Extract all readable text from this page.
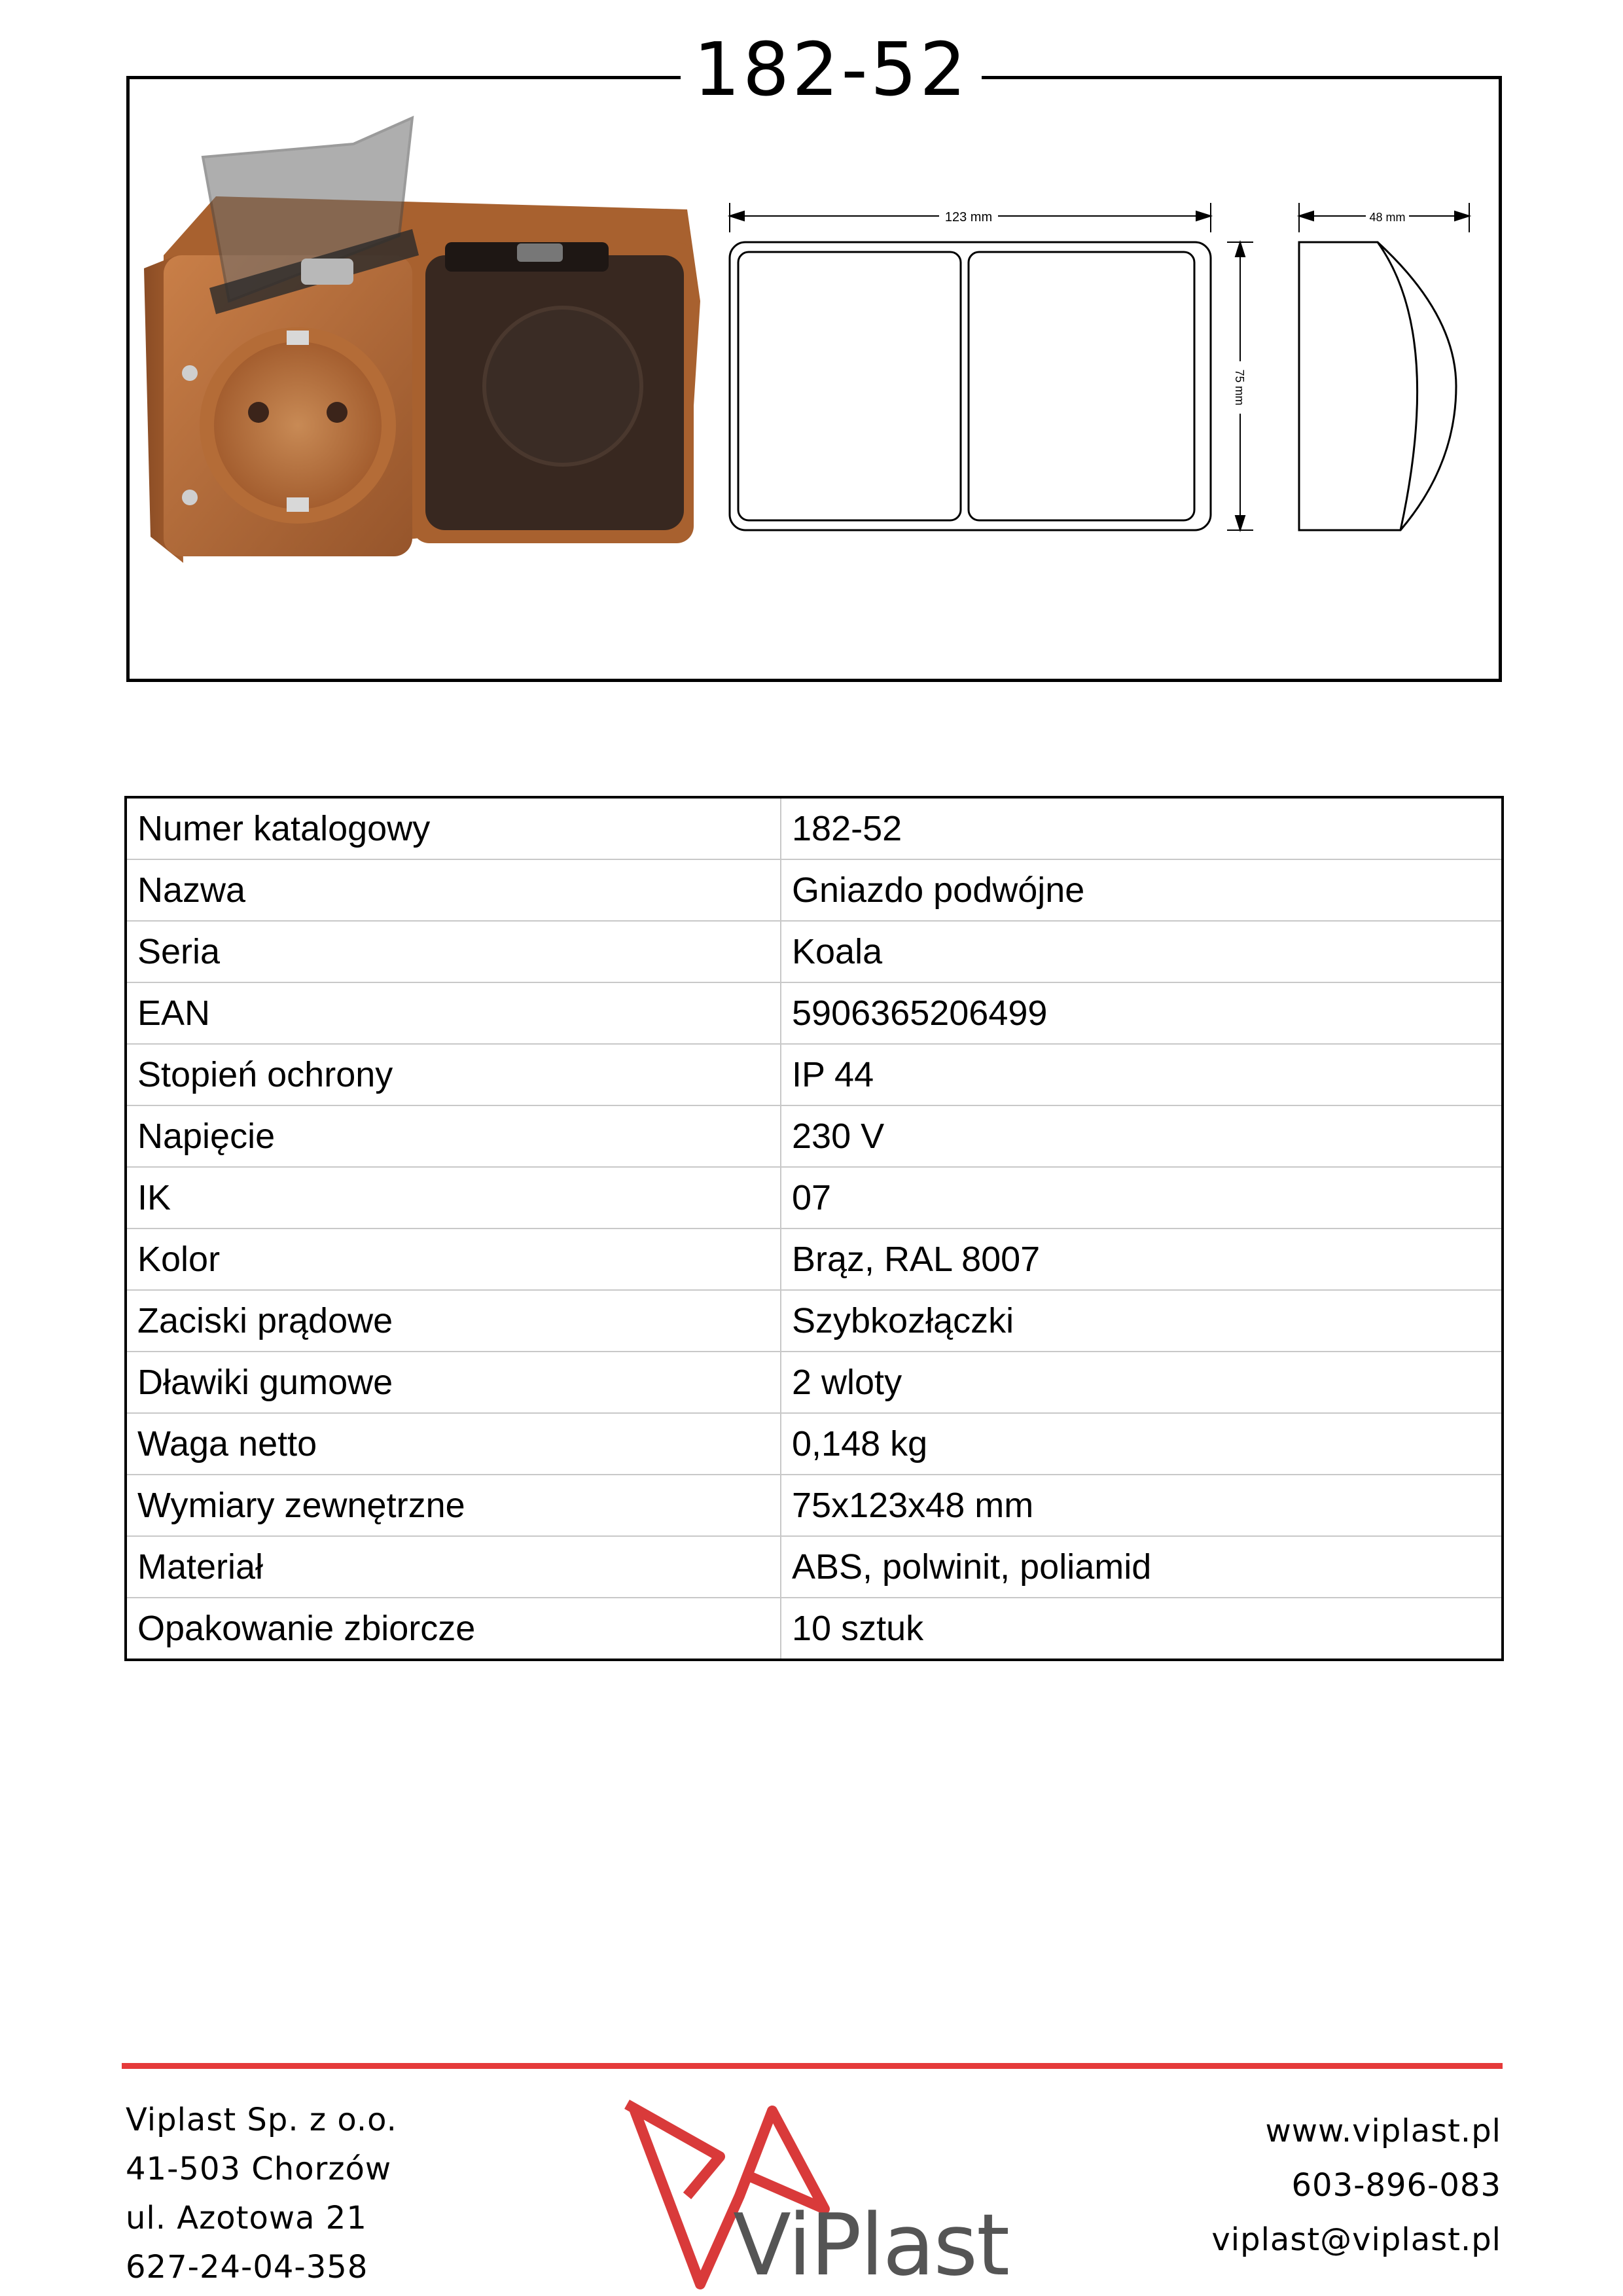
182-52
123 mm	48 mm
75 mm
Numer katalogowy	182-52
Nazwa	Gniazdo podwójne
Seria	Koala
EAN	5906365206499
Stopień ochrony	IP 44
Napięcie	230 V
IK	07
Kolor	Brąz, RAL 8007
Zaciski prądowe	Szybkozłączki
Dławiki gumowe	2 wloty
Waga netto	0,148 kg
Wymiary zewnętrzne	75x123x48 mm
Materiał	ABS, polwinit, poliamid
Opakowanie zbiorcze	10 sztuk
Viplast Sp. z o.o.
41-503 Chorzów
ul. Azotowa 21
627-24-04-358	ViPlast
www.viplast.pl
603-896-083
viplast@viplast.pl
